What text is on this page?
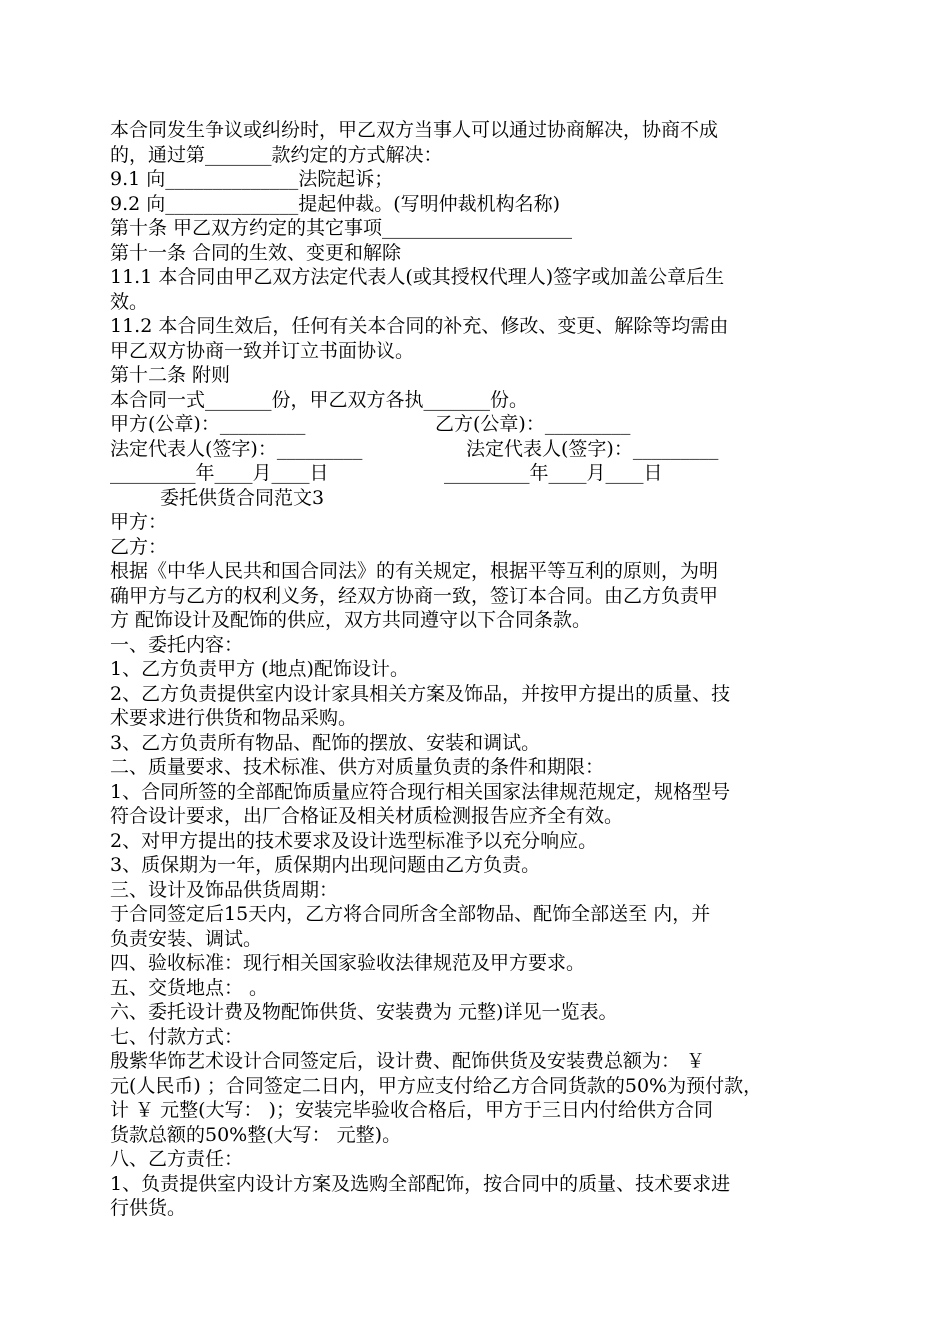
本合同发生争议或纠纷时，甲乙双方当事人可以通过协商解决，协商不成
的，通过第_______款约定的方式解决：
9.1 向______________法院起诉；
9.2 向______________提起仲裁。(写明仲裁机构名称)
第十条 甲乙双方约定的其它事项____________________
第十一条 合同的生效、变更和解除
11.1 本合同由甲乙双方法定代表人(或其授权代理人)签字或加盖公章后生
效。
11.2 本合同生效后，任何有关本合同的补充、修改、变更、解除等均需由
甲乙双方协商一致并订立书面协议。
第十二条 附则
本合同一式_______份，甲乙双方各执_______份。
甲方(公章)：_________	乙方(公章)：_________
法定代表人(签字)：_________	法定代表人(签字)：_________
_________年____月____日	_________年____月____日
委托供货合同范文3
甲方：
乙方：
根据《中华人民共和国合同法》的有关规定，根据平等互利的原则，为明
确甲方与乙方的权利义务，经双方协商一致，签订本合同。由乙方负责甲
方 配饰设计及配饰的供应，双方共同遵守以下合同条款。
一、委托内容：
1、乙方负责甲方 (地点)配饰设计。
2、乙方负责提供室内设计家具相关方案及饰品，并按甲方提出的质量、技
术要求进行供货和物品采购。
3、乙方负责所有物品、配饰的摆放、安装和调试。
二、质量要求、技术标准、供方对质量负责的条件和期限：
1、合同所签的全部配饰质量应符合现行相关国家法律规范规定，规格型号
符合设计要求，出厂合格证及相关材质检测报告应齐全有效。
2、对甲方提出的技术要求及设计选型标准予以充分响应。
3、质保期为一年，质保期内出现问题由乙方负责。
三、设计及饰品供货周期：
于合同签定后15天内，乙方将合同所含全部物品、配饰全部送至 内，并
负责安装、调试。
四、验收标准：现行相关国家验收法律规范及甲方要求。
五、交货地点： 。
六、委托设计费及物配饰供货、安装费为 元整)详见一览表。
七、付款方式：
殷紫华饰艺术设计合同签定后，设计费、配饰供货及安装费总额为： ￥
元(人民币) ；合同签定二日内，甲方应支付给乙方合同货款的50%为预付款，
计 ￥ 元整(大写： )；安装完毕验收合格后，甲方于三日内付给供方合同
货款总额的50%整(大写： 元整)。
八、乙方责任：
1、负责提供室内设计方案及选购全部配饰，按合同中的质量、技术要求进
行供货。
